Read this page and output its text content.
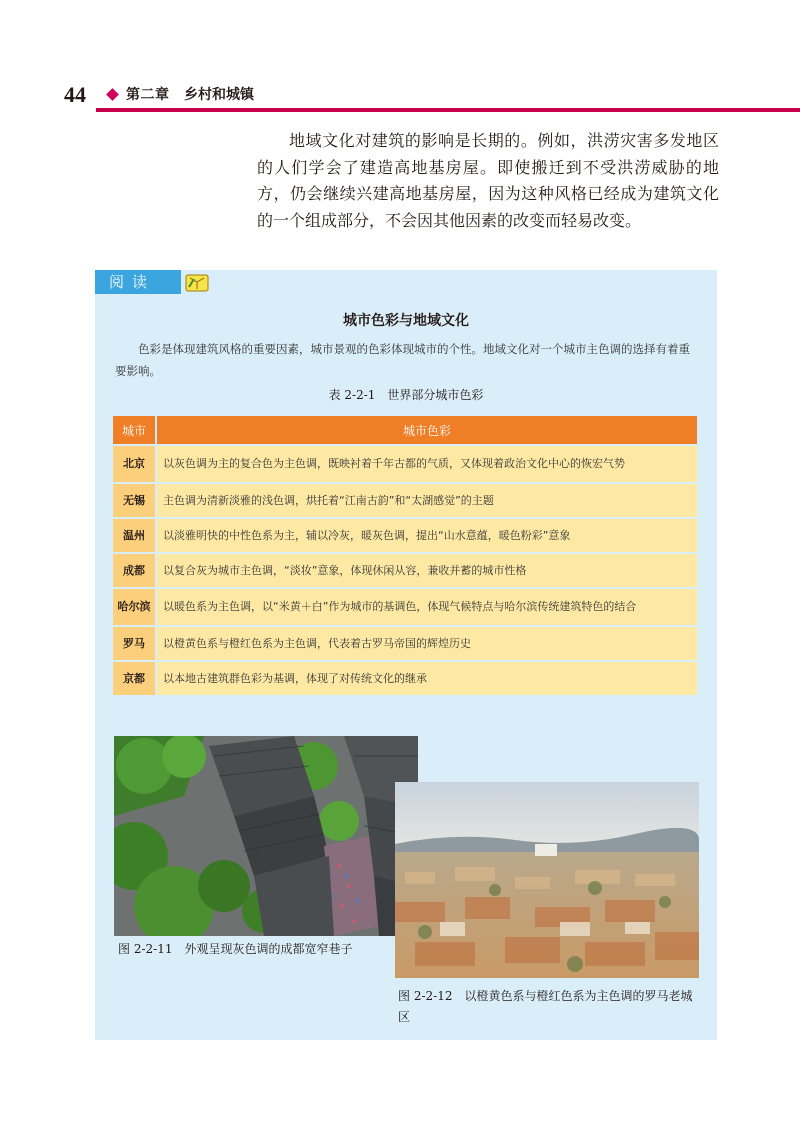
44	第二章 乡村和城镇

地域文化对建筑的影响是长期的。例如，洪涝灾害多发地区的人们学会了建造高地基房屋。即使搬迁到不受洪涝威胁的地方，仍会继续兴建高地基房屋，因为这种风格已经成为建筑文化的一个组成部分，不会因其他因素的改变而轻易改变。

阅读
城市色彩与地域文化

色彩是体现建筑风格的重要因素，城市景观的色彩体现城市的个性。地域文化对一个城市主色调的选择有着重要影响。

表 2-2-1　世界部分城市色彩
城市	城市色彩
北京	以灰色调为主的复合色为主色调，既映衬着千年古都的气质，又体现着政治文化中心的恢宏气势
无锡	主色调为清新淡雅的浅色调，烘托着“江南古韵”和“太湖感觉”的主题
温州	以淡雅明快的中性色系为主，辅以冷灰，暖灰色调，提出“山水意蕴，暖色粉彩”意象
成都	以复合灰为城市主色调，“淡妆”意象，体现休闲从容，兼收并蓄的城市性格
哈尔滨	以暖色系为主色调，以“米黄＋白”作为城市的基调色，体现气候特点与哈尔滨传统建筑特色的结合
罗马	以橙黄色系与橙红色系为主色调，代表着古罗马帝国的辉煌历史
京都	以本地古建筑群色彩为基调，体现了对传统文化的继承
图 2-2-11　外观呈现灰色调的成都宽窄巷子
图 2-2-12　以橙黄色系与橙红色系为主色调的罗马老城区
